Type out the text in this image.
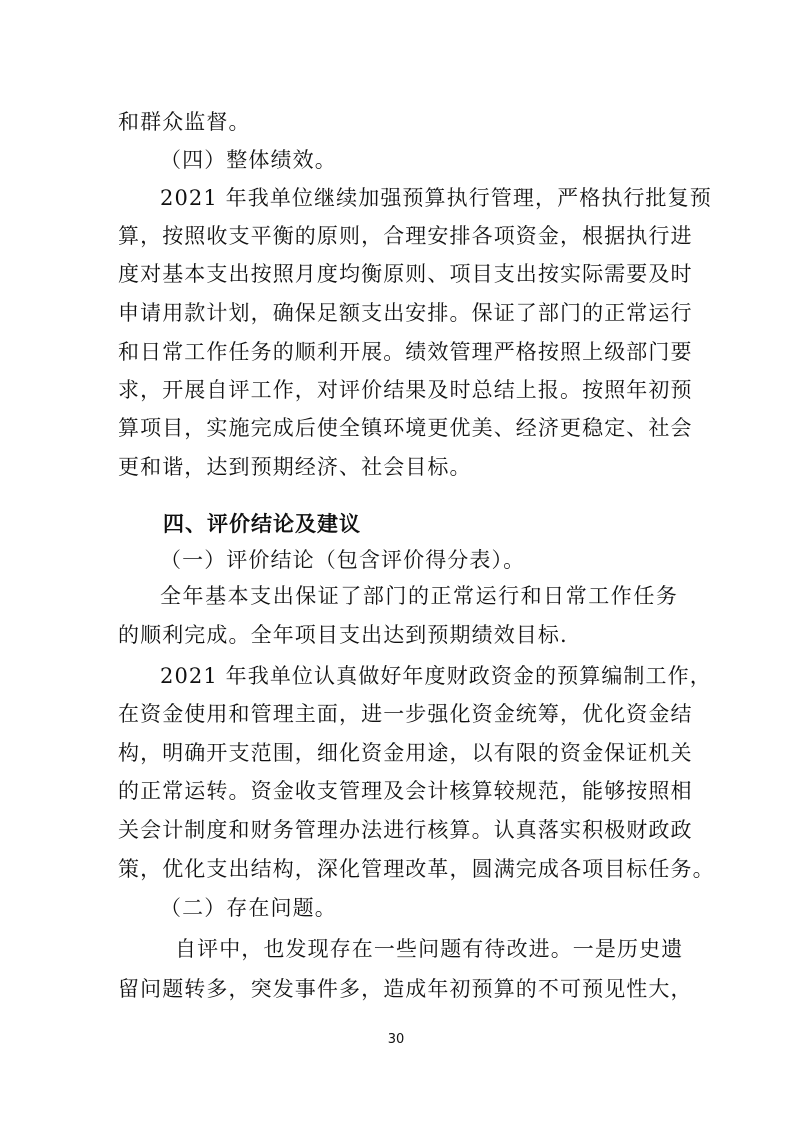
和群众监督。
（四）整体绩效。
2021 年我单位继续加强预算执行管理，严格执行批复预
算，按照收支平衡的原则，合理安排各项资金，根据执行进
度对基本支出按照月度均衡原则、项目支出按实际需要及时
申请用款计划，确保足额支出安排。保证了部门的正常运行
和日常工作任务的顺利开展。绩效管理严格按照上级部门要
求，开展自评工作，对评价结果及时总结上报。按照年初预
算项目，实施完成后使全镇环境更优美、经济更稳定、社会
更和谐，达到预期经济、社会目标。
四、评价结论及建议
（一）评价结论（包含评价得分表）。
全年基本支出保证了部门的正常运行和日常工作任务
的顺利完成。全年项目支出达到预期绩效目标.
2021 年我单位认真做好年度财政资金的预算编制工作，
在资金使用和管理主面，进一步强化资金统筹，优化资金结
构，明确开支范围，细化资金用途，以有限的资金保证机关
的正常运转。资金收支管理及会计核算较规范，能够按照相
关会计制度和财务管理办法进行核算。认真落实积极财政政
策，优化支出结构，深化管理改革，圆满完成各项目标任务。
（二）存在问题。
自评中，也发现存在一些问题有待改进。一是历史遗
留问题转多，突发事件多，造成年初预算的不可预见性大，
30
